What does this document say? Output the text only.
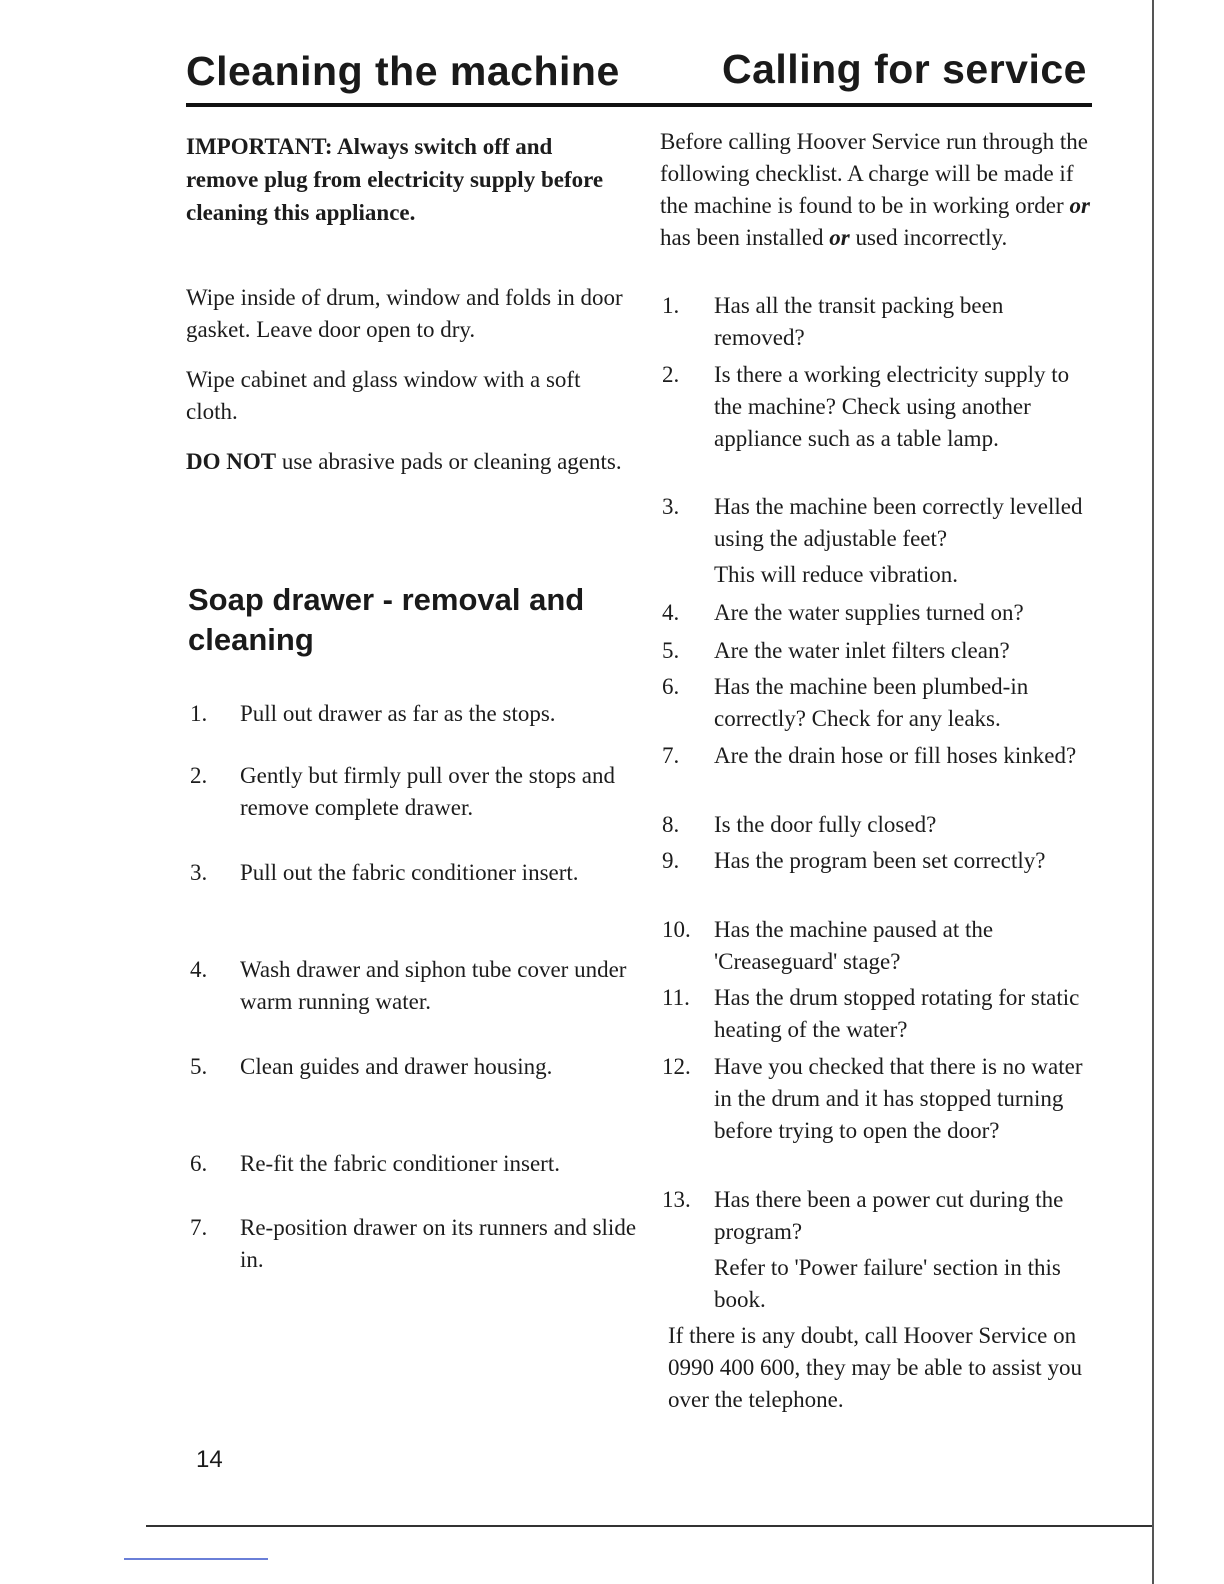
Cleaning the machine Calling for service
IMPORTANT: Always switch off and remove plug from electricity supply before cleaning this appliance.
Wipe inside of drum, window and folds in door gasket. Leave door open to dry.
Wipe cabinet and glass window with a soft cloth.
DO NOT use abrasive pads or cleaning agents.
Soap drawer - removal and cleaning
1.	Pull out drawer as far as the stops.
2.	Gently but firmly pull over the stops and remove complete drawer.
3.	Pull out the fabric conditioner insert.
4.	Wash drawer and siphon tube cover under warm running water.
5.	Clean guides and drawer housing.
6.	Re-fit the fabric conditioner insert.
7.	Re-position drawer on its runners and slide in.
Before calling Hoover Service run through the following checklist. A charge will be made if the machine is found to be in working order or has been installed or used incorrectly.
1.	Has all the transit packing been removed?
2.	Is there a working electricity supply to the machine? Check using another appliance such as a table lamp.
3.	Has the machine been correctly levelled using the adjustable feet?
This will reduce vibration.
4.	Are the water supplies turned on?
5.	Are the water inlet filters clean?
6.	Has the machine been plumbed-in correctly? Check for any leaks.
7.	Are the drain hose or fill hoses kinked?
8.	Is the door fully closed?
9.	Has the program been set correctly?
10.	Has the machine paused at the 'Creaseguard' stage?
11.	Has the drum stopped rotating for static heating of the water?
12.	Have you checked that there is no water in the drum and it has stopped turning before trying to open the door?
13.	Has there been a power cut during the program?
Refer to 'Power failure' section in this book.
If there is any doubt, call Hoover Service on 0990 400 600, they may be able to assist you over the telephone.
14
